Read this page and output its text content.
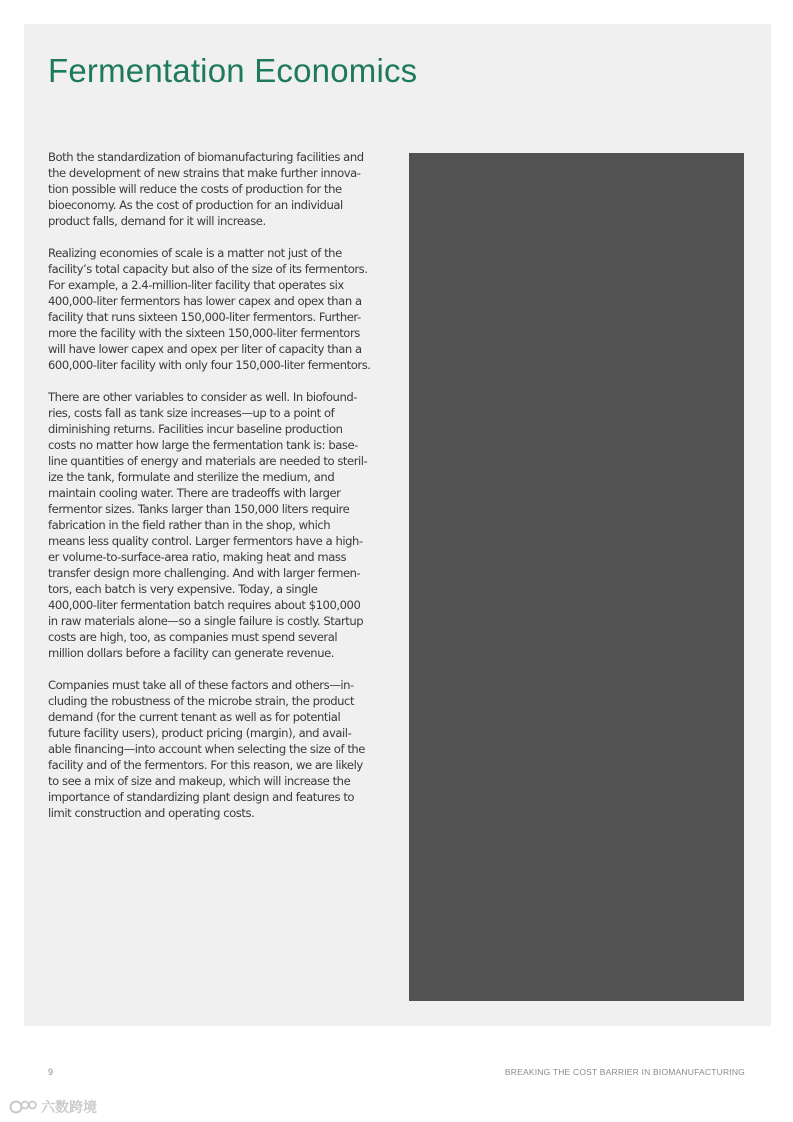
Fermentation Economics

Both the standardization of biomanufacturing facilities and
the development of new strains that make further innova-
tion possible will reduce the costs of production for the
bioeconomy. As the cost of production for an individual
product falls, demand for it will increase.

Realizing economies of scale is a matter not just of the
facility’s total capacity but also of the size of its fermentors.
For example, a 2.4-million-liter facility that operates six
400,000-liter fermentors has lower capex and opex than a
facility that runs sixteen 150,000-liter fermentors. Further-
more the facility with the sixteen 150,000-liter fermentors
will have lower capex and opex per liter of capacity than a
600,000-liter facility with only four 150,000-liter fermentors.

There are other variables to consider as well. In biofound-
ries, costs fall as tank size increases—up to a point of
diminishing returns. Facilities incur baseline production
costs no matter how large the fermentation tank is: base-
line quantities of energy and materials are needed to steril-
ize the tank, formulate and sterilize the medium, and
maintain cooling water. There are tradeoffs with larger
fermentor sizes. Tanks larger than 150,000 liters require
fabrication in the field rather than in the shop, which
means less quality control. Larger fermentors have a high-
er volume-to-surface-area ratio, making heat and mass
transfer design more challenging. And with larger fermen-
tors, each batch is very expensive. Today, a single
400,000-liter fermentation batch requires about $100,000
in raw materials alone—so a single failure is costly. Startup
costs are high, too, as companies must spend several
million dollars before a facility can generate revenue.

Companies must take all of these factors and others—in-
cluding the robustness of the microbe strain, the product
demand (for the current tenant as well as for potential
future facility users), product pricing (margin), and avail-
able financing—into account when selecting the size of the
facility and of the fermentors. For this reason, we are likely
to see a mix of size and makeup, which will increase the
importance of standardizing plant design and features to
limit construction and operating costs.

9	BREAKING THE COST BARRIER IN BIOMANUFACTURING
六数跨境
